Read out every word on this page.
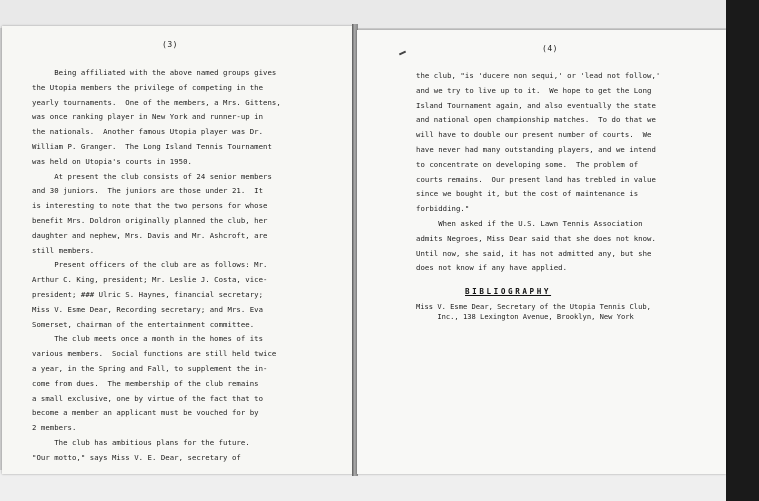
(3)
Being affiliated with the above named groups gives
the Utopia members the privilege of competing in the
yearly tournaments.  One of the members, a Mrs. Gittens,
was once ranking player in New York and runner-up in
the nationals.  Another famous Utopia player was Dr.
William P. Granger.  The Long Island Tennis Tournament
was held on Utopia's courts in 1950.
At present the club consists of 24 senior members
and 30 juniors.  The juniors are those under 21.  It
is interesting to note that the two persons for whose
benefit Mrs. Doldron originally planned the club, her
daughter and nephew, Mrs. Davis and Mr. Ashcroft, are
still members.
Present officers of the club are as follows: Mr.
Arthur C. King, president; Mr. Leslie J. Costa, vice-
president; ### Ulric S. Haynes, financial secretary;
Miss V. Esme Dear, Recording secretary; and Mrs. Eva
Somerset, chairman of the entertainment committee.
The club meets once a month in the homes of its
various members.  Social functions are still held twice
a year, in the Spring and Fall, to supplement the in-
come from dues.  The membership of the club remains
a small exclusive, one by virtue of the fact that to
become a member an applicant must be vouched for by
2 members.
The club has ambitious plans for the future.
"Our motto," says Miss V. E. Dear, secretary of
(4)
the club, "is 'ducere non sequi,' or 'lead not follow,'
and we try to live up to it.  We hope to get the Long
Island Tournament again, and also eventually the state
and national open championship matches.  To do that we
will have to double our present number of courts.  We
have never had many outstanding players, and we intend
to concentrate on developing some.  The problem of
courts remains.  Our present land has trebled in value
since we bought it, but the cost of maintenance is
forbidding."
When asked if the U.S. Lawn Tennis Association
admits Negroes, Miss Dear said that she does not know.
Until now, she said, it has not admitted any, but she
does not know if any have applied.
BIBLIOGRAPHY
Miss V. Esme Dear, Secretary of the Utopia Tennis Club,
Inc., 138 Lexington Avenue, Brooklyn, New York
